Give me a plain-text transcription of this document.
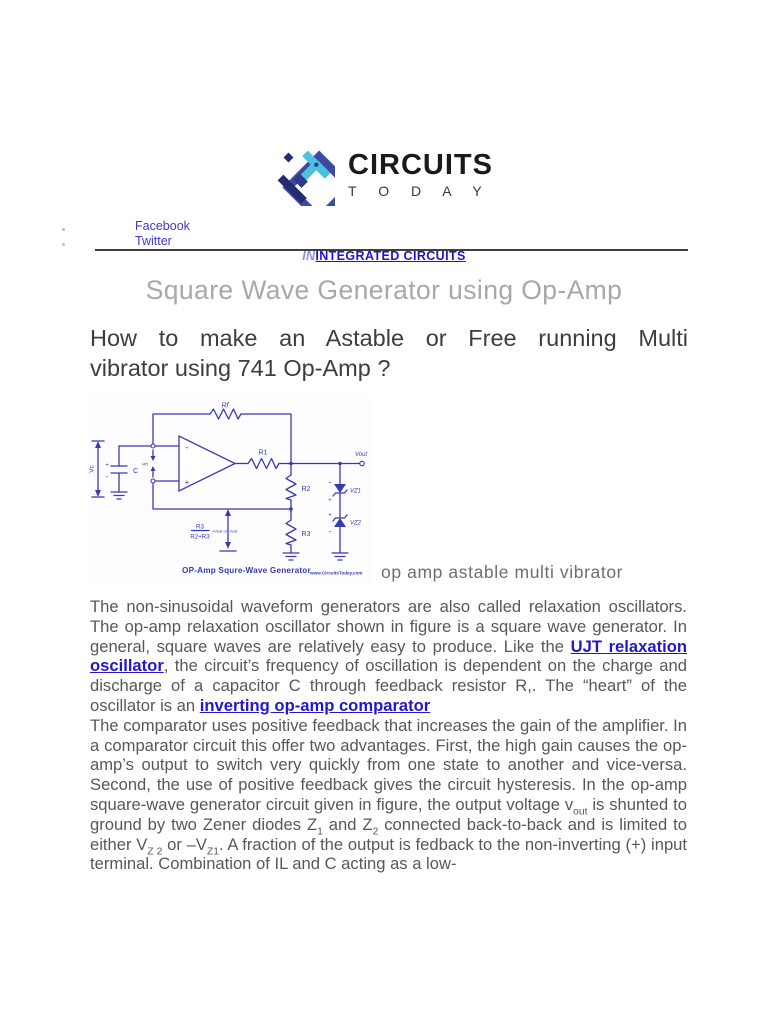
CIRCUITS
T O D A Y
Facebook
Twitter
ININTEGRATED CIRCUITS
Square Wave Generator using Op-Amp
How to make an Astable or Free running Multi
vibrator using 741 Op-Amp ?
Rf
Vc +
-
C
vin
-
+
R1
R2
R3
Vout
R3
R2+R3
+Vsat or -Vsat
VZ1
VZ2
-
+
+
-
OP-Amp Squre-Wave Generator www.CircuitsToday.com op amp astable multi vibrator

The non-sinusoidal waveform generators are also called relaxation oscillators. The op-amp relaxation oscillator shown in figure is a square wave generator. In general, square waves are relatively easy to produce. Like the UJT relaxation oscillator, the circuit’s frequency of oscillation is dependent on the charge and discharge of a capacitor C through feedback resistor R,. The “heart” of the oscillator is an inverting op-amp comparator

The comparator uses positive feedback that increases the gain of the amplifier. In a comparator circuit this offer two advantages. First, the high gain causes the op-amp’s output to switch very quickly from one state to another and vice-versa. Second, the use of positive feedback gives the circuit hysteresis. In the op-amp square-wave generator circuit given in figure, the output voltage $v_{out}$ is shunted to ground by two Zener diodes $Z_1$ and $Z_2$ connected back-to-back and is limited to either $V_{Z 2}$ or $-V_{Z1}$. A fraction of the output is fedback to the non-inverting (+) input terminal. Combination of IL and C acting as a low-
